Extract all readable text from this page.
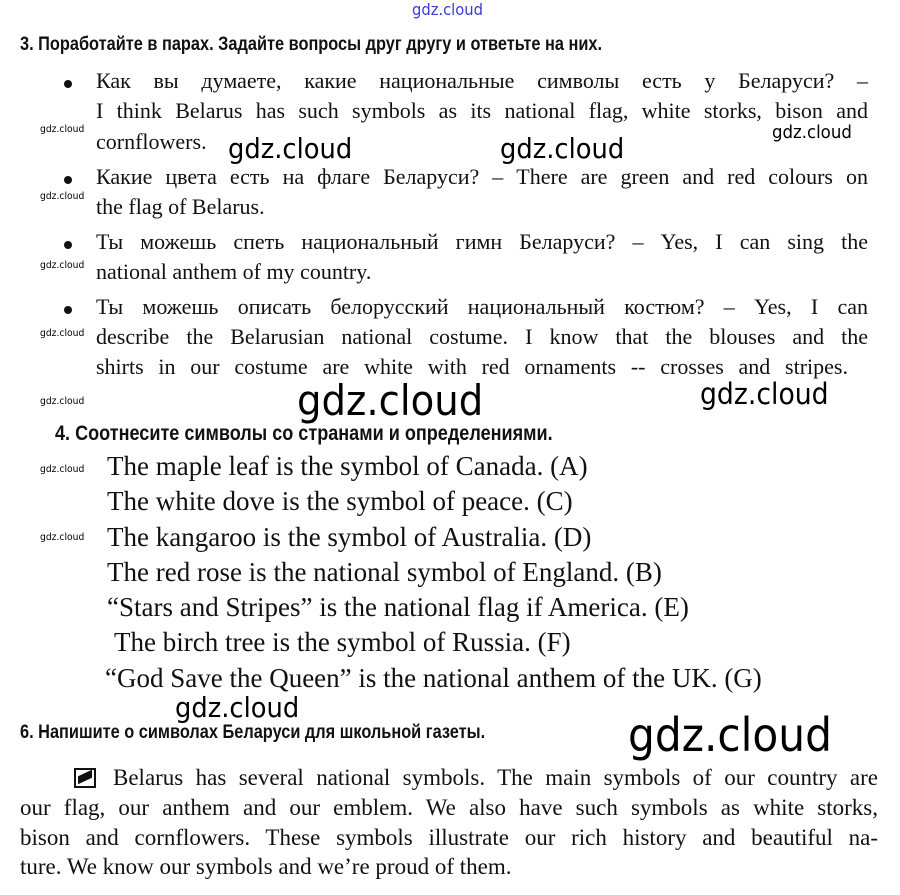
gdz.cloud
3. Поработайте в парах. Задайте вопросы друг другу и ответьте на них.
Как вы думаете, какие национальные символы есть у Беларуси? –
I think Belarus has such symbols as its national flag, white storks, bison and
cornflowers.
Какие цвета есть на флаге Беларуси? – There are green and red colours on
the flag of Belarus.
Ты можешь спеть национальный гимн Беларуси? – Yes, I can sing the
national anthem of my country.
Ты можешь описать белорусский национальный костюм? – Yes, I can
describe the Belarusian national costume. I know that the blouses and the
shirts in our costume are white with red ornaments -- crosses and stripes.
4. Соотнесите символы со странами и определениями.
The maple leaf is the symbol of Canada. (A)
The white dove is the symbol of peace. (C)
The kangaroo is the symbol of Australia. (D)
The red rose is the national symbol of England. (B)
“Stars and Stripes” is the national flag if America. (E)
The birch tree is the symbol of Russia. (F)
“God Save the Queen” is the national anthem of the UK. (G)
6. Напишите о символах Беларуси для школьной газеты.
Belarus has several national symbols. The main symbols of our country are
our flag, our anthem and our emblem. We also have such symbols as white storks,
bison and cornflowers. These symbols illustrate our rich history and beautiful na-
ture. We know our symbols and we’re proud of them.
gdz.cloud
gdz.cloud
gdz.cloud
gdz.cloud
gdz.cloud
gdz.cloud
gdz.cloud
gdz.cloud	gdz.cloud	gdz.cloud
gdz.cloud	gdz.cloud
gdz.cloud
gdz.cloud
